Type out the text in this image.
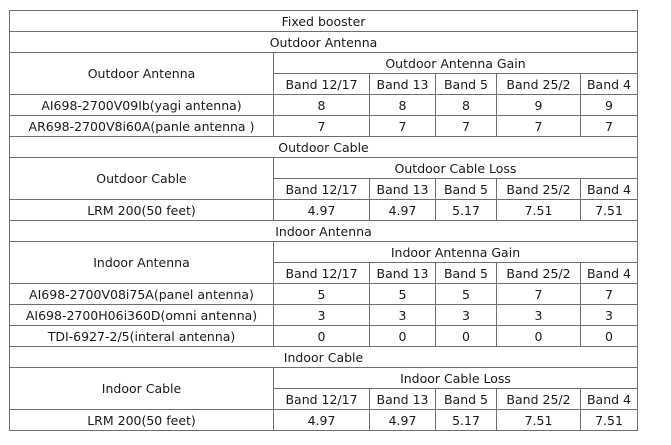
Fixed booster					
Outdoor Antenna					
Outdoor Antenna	Outdoor Antenna Gain				
	Band 12/17	Band 13	Band 5	Band 25/2	Band 4
AI698-2700V09Ib(yagi antenna)	8	8	8	9	9
AR698-2700V8i60A(panle antenna )	7	7	7	7	7
Outdoor Cable					
Outdoor Cable	Outdoor Cable Loss				
	Band 12/17	Band 13	Band 5	Band 25/2	Band 4
LRM 200(50 feet)	4.97	4.97	5.17	7.51	7.51
Indoor Antenna					
Indoor Antenna	Indoor Antenna Gain				
	Band 12/17	Band 13	Band 5	Band 25/2	Band 4
AI698-2700V08i75A(panel antenna)	5	5	5	7	7
AI698-2700H06i360D(omni antenna)	3	3	3	3	3
TDI-6927-2/5(interal antenna)	0	0	0	0	0
Indoor Cable					
Indoor Cable	Indoor Cable Loss				
	Band 12/17	Band 13	Band 5	Band 25/2	Band 4
LRM 200(50 feet)	4.97	4.97	5.17	7.51	7.51
